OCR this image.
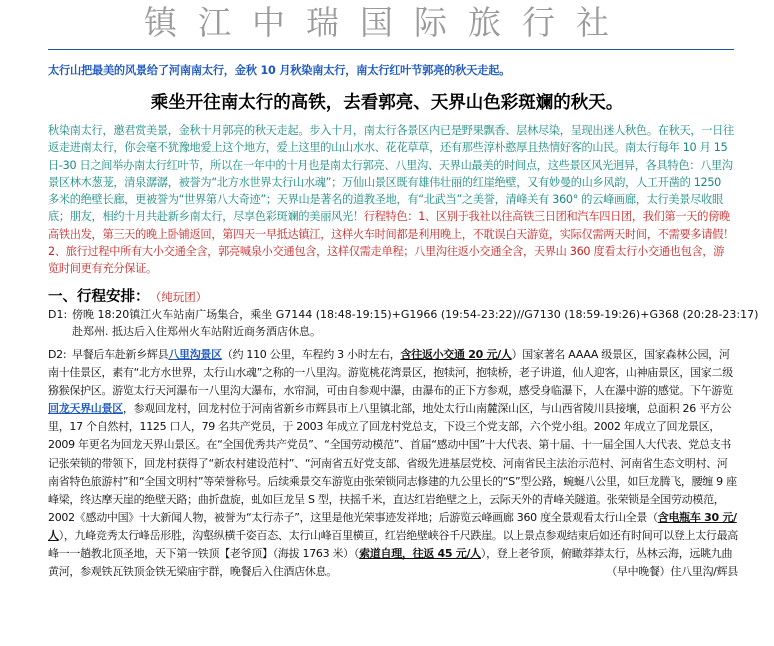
镇江中瑞国际旅行社
太行山把最美的风景给了河南南太行，金秋 10 月秋染南太行，南太行红叶节郭亮的秋天走起。
乘坐开往南太行的高铁，去看郭亮、天界山色彩斑斓的秋天。
秋染南太行，邀君赏美景，金秋十月郭亮的秋天走起。步入十月，南太行各景区内已是野果飘香、层林尽染，呈现出迷人秋色。在秋天，一日往返走进南太行，你会毫不犹豫地爱上这个地方，爱上这里的山山水水、花花草草，还有那些淳朴憨厚且热情好客的山民。南太行每年 10 月 15 日-30 日之间举办南太行红叶节，所以在一年中的十月也是南太行郭亮、八里沟、天界山最美的时间点，这些景区风光迥异，各具特色：八里沟景区林木葱茏，清泉潺潺，被誉为“北方水世界太行山水魂”；万仙山景区既有雄伟壮丽的红崖绝壁，又有妙曼的山乡风韵，人工开凿的 1250 多米的绝壁长廊，更被誉为“世界第八大奇迹”；天界山是著名的道教圣地，有“北武当”之美誉，清峰关有 360° 的云峰画廊，太行美景尽收眼底；朋友，相约十月共赴新乡南太行，尽享色彩斑斓的美丽风光！行程特色：1、区别于我社以往高铁三日团和汽车四日团，我们第一天的傍晚高铁出发，第三天的晚上卧铺返回，第四天一早抵达镇江，这样火车时间都是利用晚上，不耽误白天游览，实际仅需两天时间，不需要多请假！2、旅行过程中所有大小交通全含，郭亮喊泉小交通包含，这样仅需走单程；八里沟往返小交通全含，天界山 360 度看太行小交通也包含，游览时间更有充分保证。
一、行程安排： （纯玩团）
D1: 傍晚 18:20镇江火车站南广场集合，乘坐 G7144 (18:48-19:15)+G1966 (19:54-23:22)//G7130 (18:59-19:26)+G368 (20:28-23:17)
赴郑州. 抵达后入住郑州火车站附近商务酒店休息。
D2: 早餐后车赴新乡辉县八里沟景区（约 110 公里，车程约 3 小时左右，含往返小交通 20 元/人）国家著名 AAAA 级景区，国家森林公园，河南十佳景区，素有“北方水世界，太行山水魂”之称的一八里沟。游览桃花湾景区，抱犊河，抱犊桥，老子讲道，仙人迎客，山神庙景区，国家二级猕猴保护区。游览太行天河瀑布一八里沟大瀑布，水帘洞，可由自参观中瀑，由瀑布的正下方参观，感受身临瀑下，人在瀑中游的感觉。下午游览回龙天界山景区，参观回龙村，回龙村位于河南省新乡市辉县市上八里镇北部，地处太行山南麓深山区，与山西省陵川县接壤，总面积 26 平方公里，17 个自然村，1125 口人，79 名共产党员，于 2003 年成立了回龙村党总支，下设三个党支部，六个党小组。2002 年成立了回龙景区，2009 年更名为回龙天界山景区。在“全国优秀共产党员”、“全国劳动模范”、首届“感动中国”十大代表、第十届、十一届全国人大代表、党总支书记张荣锁的带领下，回龙村获得了“新农村建设范村”、“河南省五好党支部、省级先进基层党校、河南省民主法治示范村、河南省生态文明村、河南省特色旅游村”和“全国文明村”等荣誉称号。后续乘景交车游览由张荣锁同志修建的九公里长的“S”型公路，蜿蜒八公里，如巨龙腾飞，腰缠 9 座峰梁，终达摩天崖的绝壁天路；曲折盘旋，虬如巨龙呈 S 型，扶摇千米，直达红岩绝壁之上，云际天外的青峰关隧道。张荣锁是全国劳动模范，2002《感动中国》十大新闻人物，被誉为“太行赤子”，这里是他光荣事迹发祥地；后游览云峰画廊 360 度全景观看太行山全景（含电瓶车 30 元/人），九峰竞秀太行峰岳形胜，沟壑纵横千姿百态、太行山峰百里横亘，红岩绝壁峡谷千尺跌崖。以上景点参观结束后如还有时间可以登上太行最高峰一一趟教北顶圣地，天下第一铁顶【老爷顶】（海拔 1763 米）（索道自理，往返 45 元/人），登上老爷顶，俯瞰莽莽太行，丛林云海，远眺九曲黄河，参观铁瓦铁顶金铁无梁庙宇群，晚餐后入住酒店休息。	（早中晚餐）住八里沟/辉县
